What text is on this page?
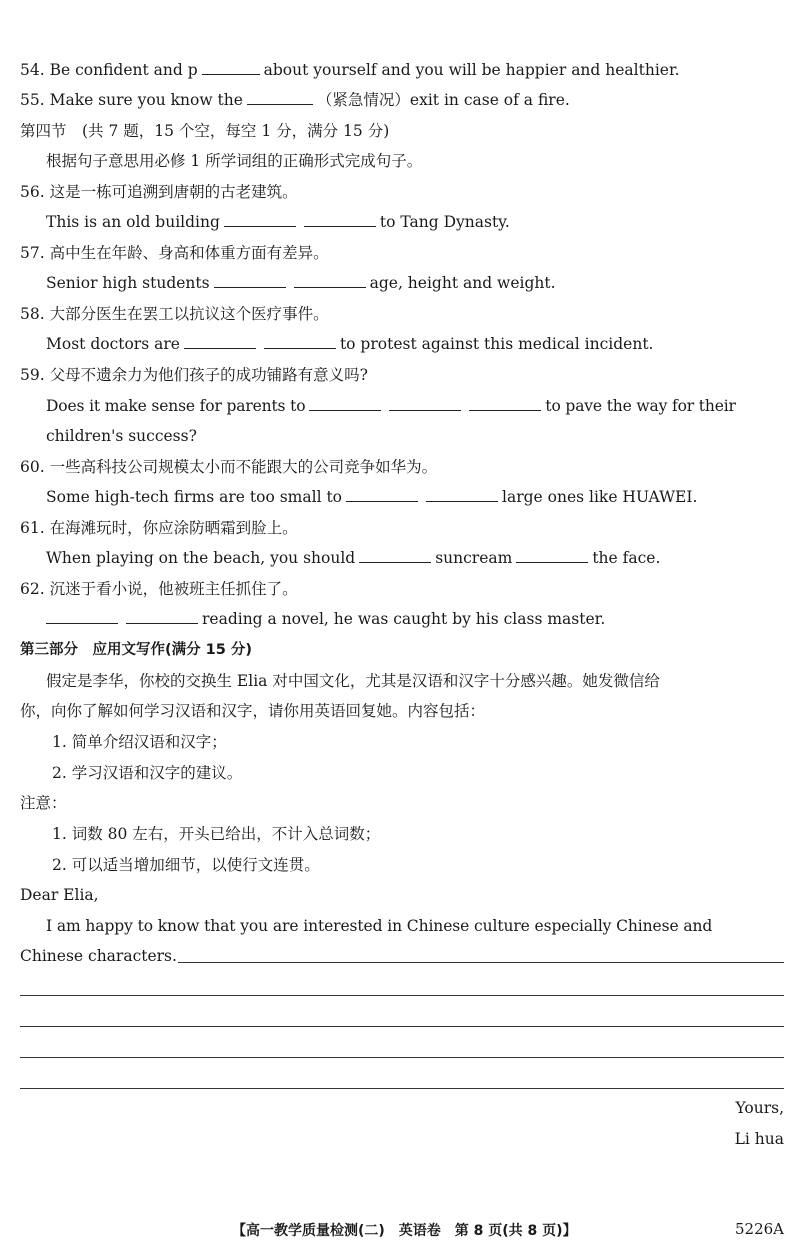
54. Be confident and p	about yourself and you will be happier and healthier.
55. Make sure you know the	（紧急情况）exit in case of a fire.
第四节　(共 7 题，15 个空，每空 1 分，满分 15 分)
根据句子意思用必修 1 所学词组的正确形式完成句子。
56. 这是一栋可追溯到唐朝的古老建筑。
This is an old building	to Tang Dynasty.
57. 高中生在年龄、身高和体重方面有差异。
Senior high students	age, height and weight.
58. 大部分医生在罢工以抗议这个医疗事件。
Most doctors are	to protest against this medical incident.
59. 父母不遗余力为他们孩子的成功铺路有意义吗?
Does it make sense for parents to	to pave the way for their
children's success?
60. 一些高科技公司规模太小而不能跟大的公司竞争如华为。
Some high-tech firms are too small to	large ones like HUAWEI.
61. 在海滩玩时，你应涂防晒霜到脸上。
When playing on the beach, you should	suncream	the face.
62. 沉迷于看小说，他被班主任抓住了。
reading a novel, he was caught by his class master.
第三部分　应用文写作(满分 15 分)
假定是李华，你校的交换生 Elia 对中国文化，尤其是汉语和汉字十分感兴趣。她发微信给
你，向你了解如何学习汉语和汉字，请你用英语回复她。内容包括：
1. 简单介绍汉语和汉字；
2. 学习汉语和汉字的建议。
注意：
1. 词数 80 左右，开头已给出，不计入总词数；
2. 可以适当增加细节，以使行文连贯。
Dear Elia,
I am happy to know that you are interested in Chinese culture especially Chinese and
Chinese characters.
Yours,
Li hua
【高一教学质量检测(二)　英语卷　第 8 页(共 8 页)】	5226A
